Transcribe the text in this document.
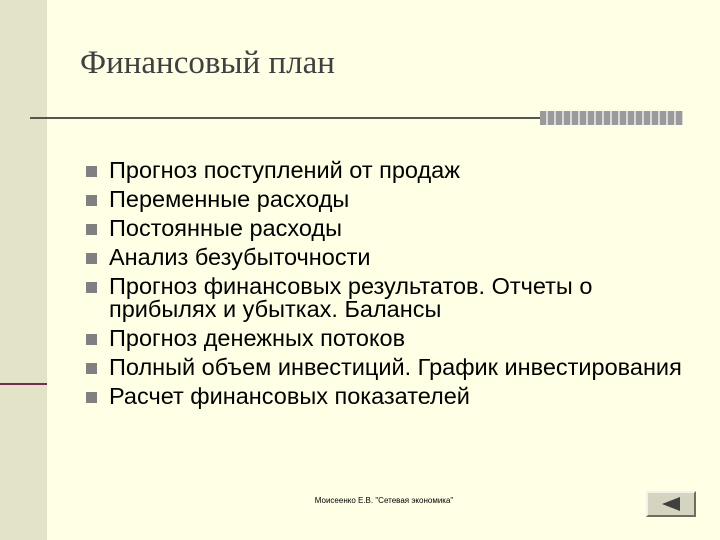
Финансовый план
Прогноз поступлений от продаж
Переменные расходы
Постоянные расходы
Анализ безубыточности
Прогноз финансовых результатов. Отчеты о прибылях и убытках. Балансы
Прогноз денежных потоков
Полный объем инвестиций. График инвестирования
Расчет финансовых показателей
Моисеенко Е.В. "Сетевая экономика"
